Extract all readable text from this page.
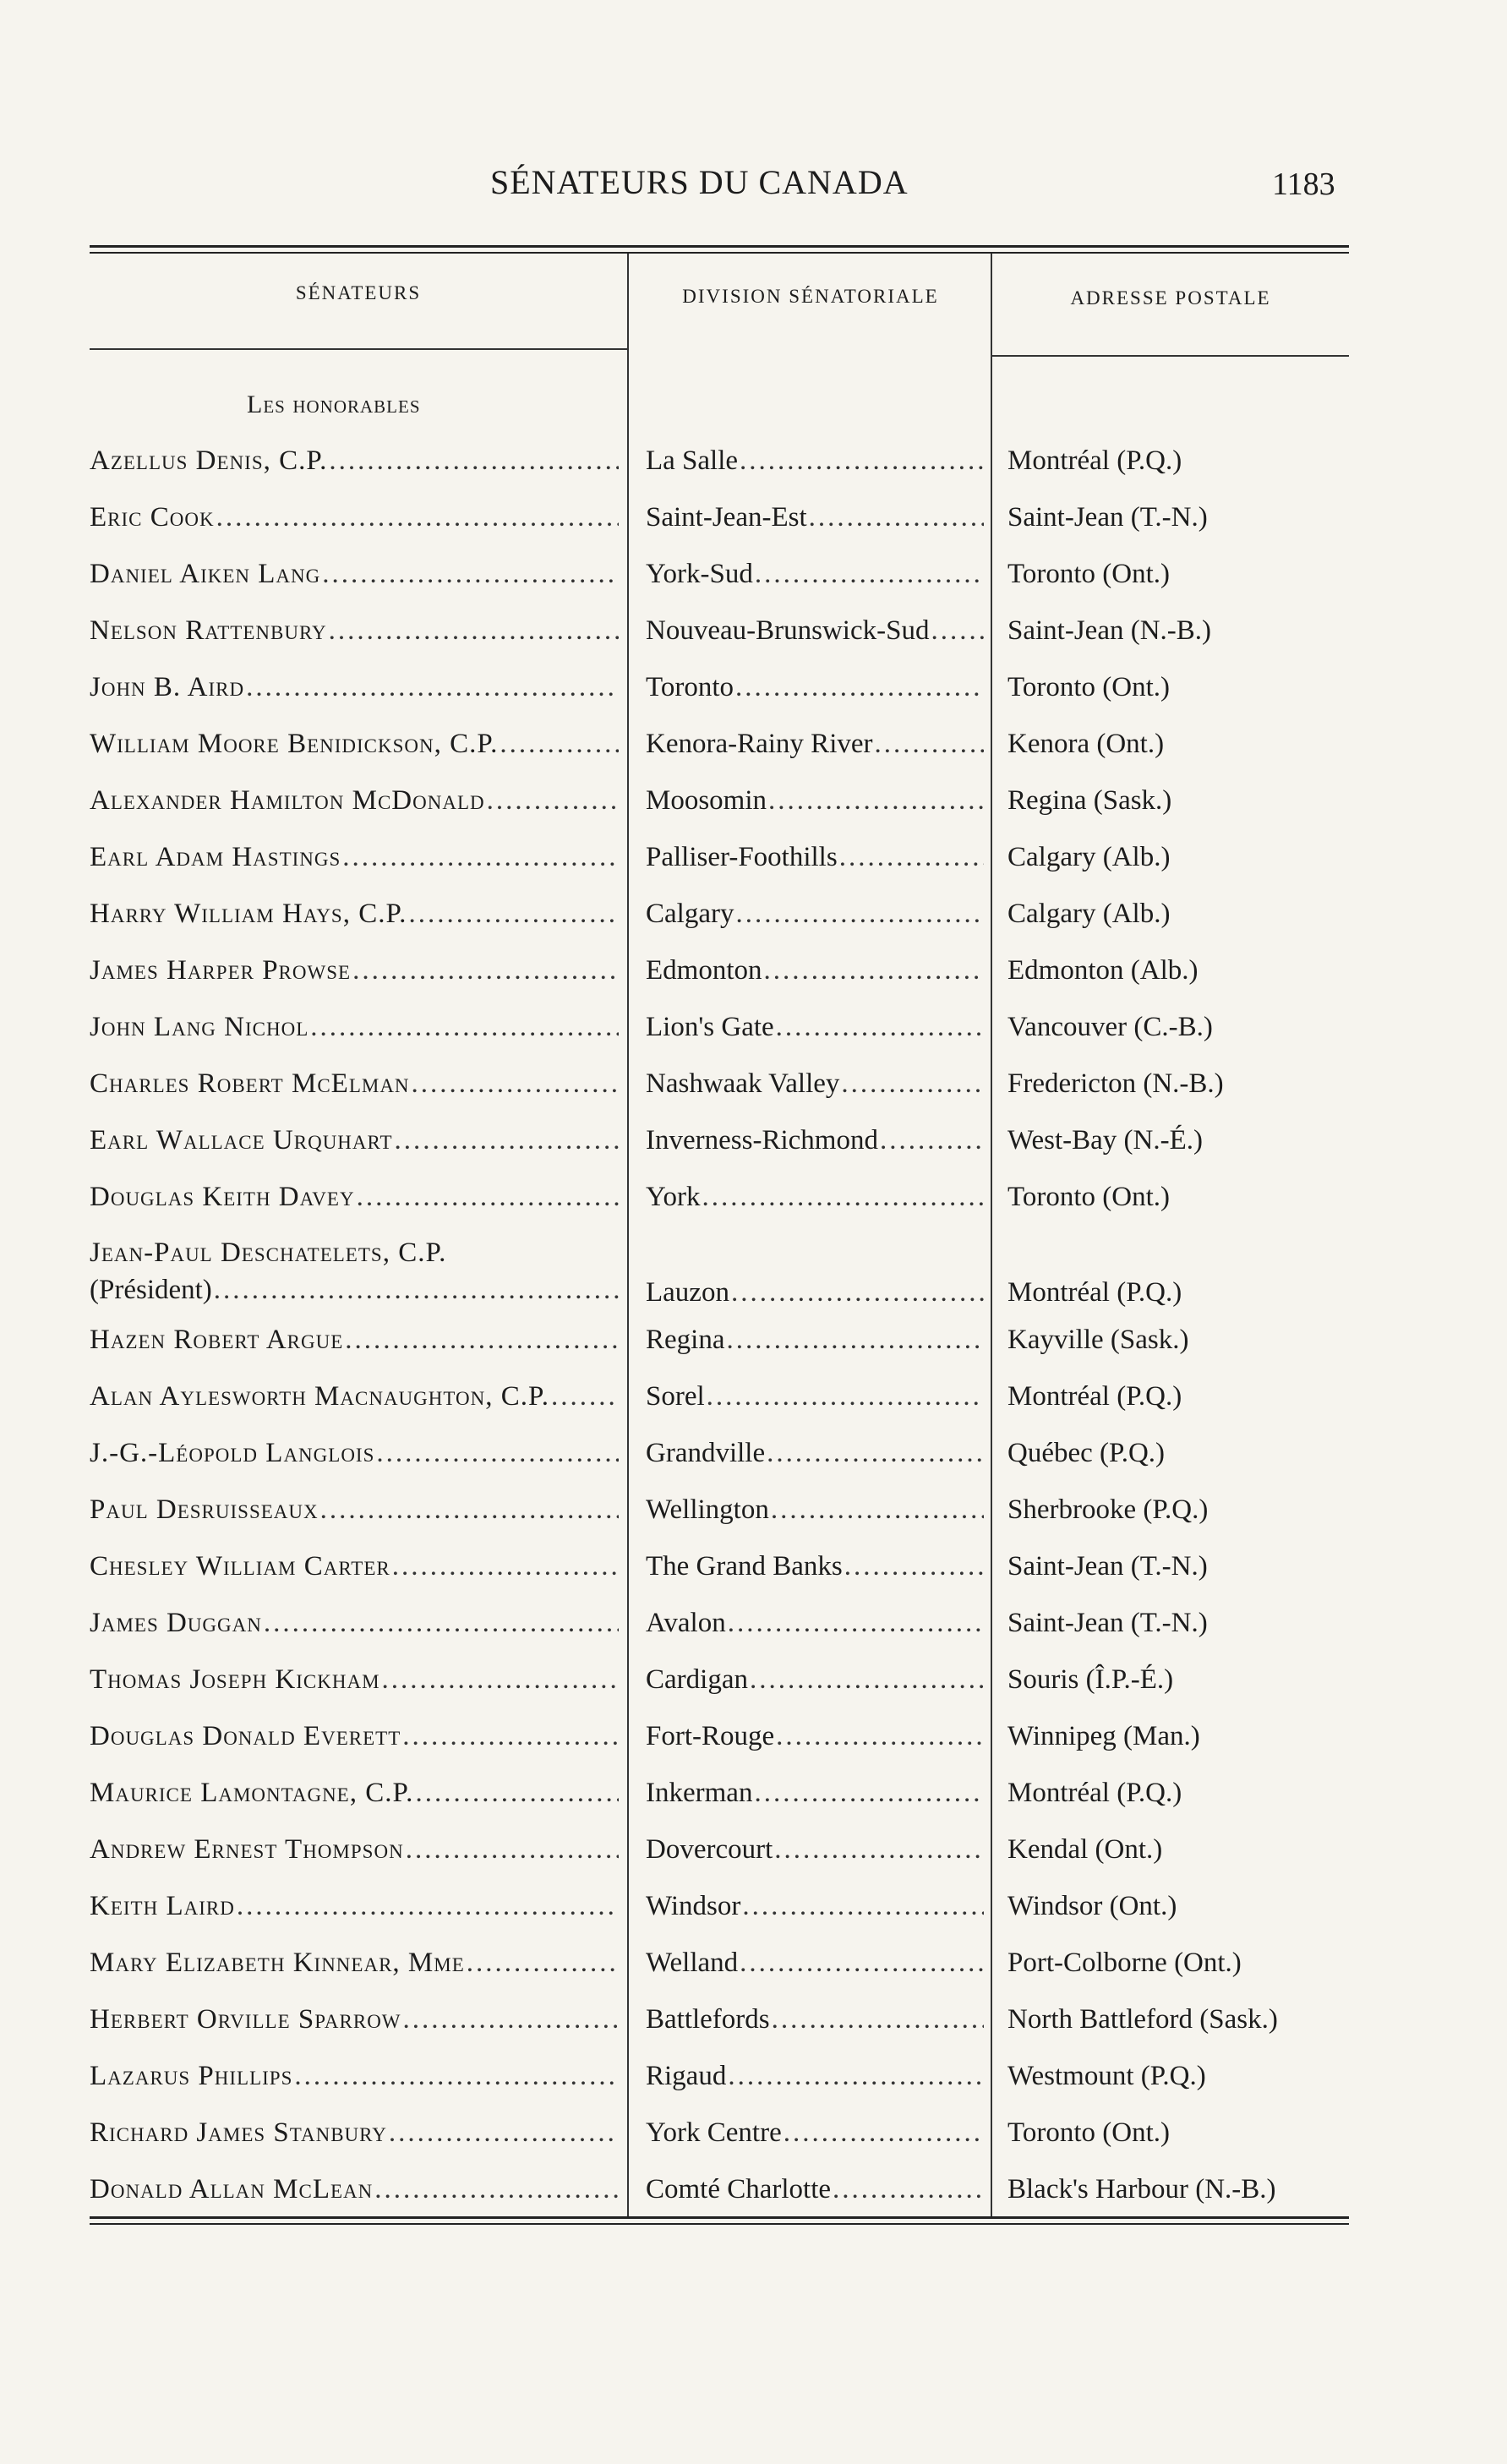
SÉNATEURS DU CANADA	1183
SÉNATEURS	DIVISION SÉNATORIALE	ADRESSE POSTALE
Les honorables
Azellus Denis, C.P. .....	La Salle .....	Montréal (P.Q.)
Eric Cook .....	Saint-Jean-Est .....	Saint-Jean (T.-N.)
Daniel Aiken Lang .....	York-Sud .....	Toronto (Ont.)
Nelson Rattenbury .....	Nouveau-Brunswick-Sud .....	Saint-Jean (N.-B.)
John B. Aird .....	Toronto .....	Toronto (Ont.)
William Moore Benidickson, C.P. .....	Kenora-Rainy River .....	Kenora (Ont.)
Alexander Hamilton McDonald .....	Moosomin .....	Regina (Sask.)
Earl Adam Hastings .....	Palliser-Foothills .....	Calgary (Alb.)
Harry William Hays, C.P. .....	Calgary .....	Calgary (Alb.)
James Harper Prowse .....	Edmonton .....	Edmonton (Alb.)
John Lang Nichol .....	Lion's Gate .....	Vancouver (C.-B.)
Charles Robert McElman .....	Nashwaak Valley .....	Fredericton (N.-B.)
Earl Wallace Urquhart .....	Inverness-Richmond .....	West-Bay (N.-É.)
Douglas Keith Davey .....	York .....	Toronto (Ont.)
Jean-Paul Deschatelets, C.P.
(Président) .....	Lauzon .....	Montréal (P.Q.)
Hazen Robert Argue .....	Regina .....	Kayville (Sask.)
Alan Aylesworth Macnaughton, C.P. .....	Sorel .....	Montréal (P.Q.)
J.-G.-Léopold Langlois .....	Grandville .....	Québec (P.Q.)
Paul Desruisseaux .....	Wellington .....	Sherbrooke (P.Q.)
Chesley William Carter .....	The Grand Banks .....	Saint-Jean (T.-N.)
James Duggan .....	Avalon .....	Saint-Jean (T.-N.)
Thomas Joseph Kickham .....	Cardigan .....	Souris (Î.P.-É.)
Douglas Donald Everett .....	Fort-Rouge .....	Winnipeg (Man.)
Maurice Lamontagne, C.P. .....	Inkerman .....	Montréal (P.Q.)
Andrew Ernest Thompson .....	Dovercourt .....	Kendal (Ont.)
Keith Laird .....	Windsor .....	Windsor (Ont.)
Mary Elizabeth Kinnear, Mme .....	Welland .....	Port-Colborne (Ont.)
Herbert Orville Sparrow .....	Battlefords .....	North Battleford (Sask.)
Lazarus Phillips .....	Rigaud .....	Westmount (P.Q.)
Richard James Stanbury .....	York Centre .....	Toronto (Ont.)
Donald Allan McLean .....	Comté Charlotte .....	Black's Harbour (N.-B.)
